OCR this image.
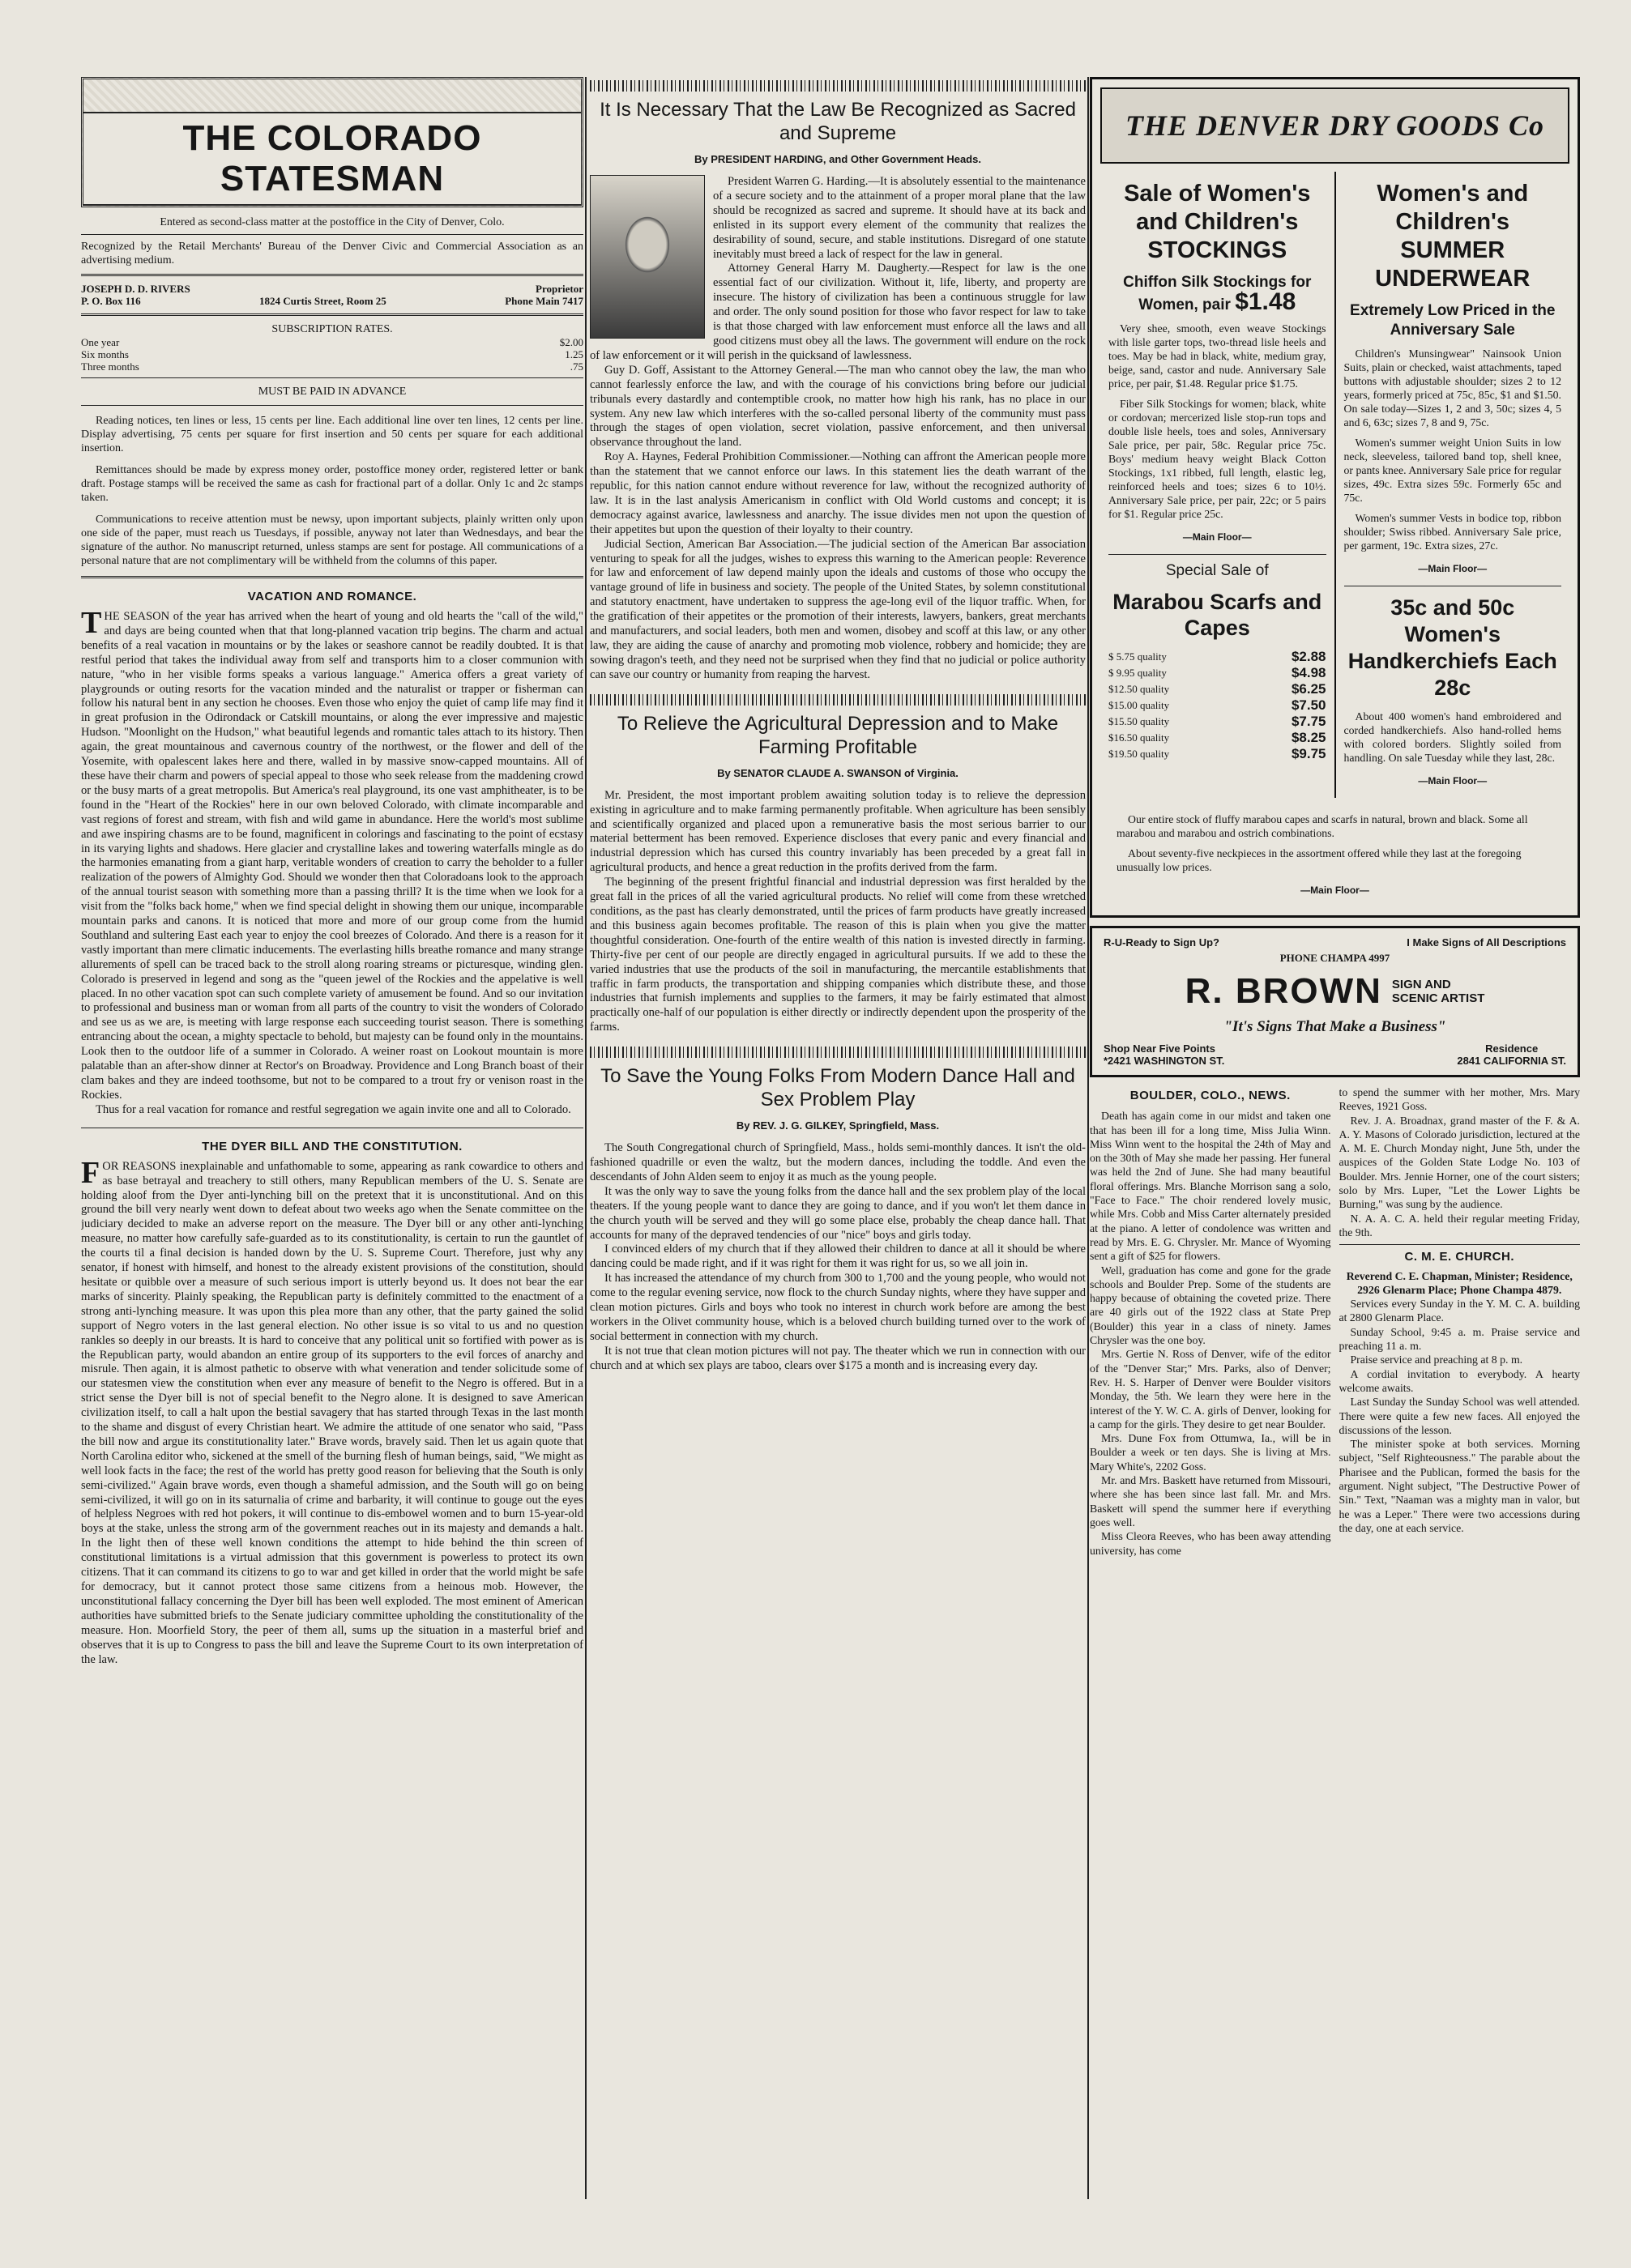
THE COLORADO STATESMAN
Entered as second-class matter at the postoffice in the City of Denver, Colo.
Recognized by the Retail Merchants' Bureau of the Denver Civic and Commercial Association as an advertising medium.
JOSEPH D. D. RIVERS	Proprietor
P. O. Box 116	1824 Curtis Street, Room 25	Phone Main 7417
SUBSCRIPTION RATES.
One year	$2.00
Six months	1.25
Three months	.75
MUST BE PAID IN ADVANCE
Reading notices, ten lines or less, 15 cents per line. Each additional line over ten lines, 12 cents per line. Display advertising, 75 cents per square for first insertion and 50 cents per square for each additional insertion.
Remittances should be made by express money order, postoffice money order, registered letter or bank draft. Postage stamps will be received the same as cash for fractional part of a dollar. Only 1c and 2c stamps taken.
Communications to receive attention must be newsy, upon important subjects, plainly written only upon one side of the paper, must reach us Tuesdays, if possible, anyway not later than Wednesdays, and bear the signature of the author. No manuscript returned, unless stamps are sent for postage. All communications of a personal nature that are not complimentary will be withheld from the columns of this paper.
VACATION AND ROMANCE.

THE SEASON of the year has arrived when the heart of young and old hearts the "call of the wild," and days are being counted when that that long-planned vacation trip begins. The charm and actual benefits of a real vacation in mountains or by the lakes or seashore cannot be readily doubted. It is that restful period that takes the individual away from self and transports him to a closer communion with nature, "who in her visible forms speaks a various language." America offers a great variety of playgrounds or outing resorts for the vacation minded and the naturalist or trapper or fisherman can follow his natural bent in any section he chooses. Even those who enjoy the quiet of camp life may find it in great profusion in the Odirondack or Catskill mountains, or along the ever impressive and majestic Hudson. "Moonlight on the Hudson," what beautiful legends and romantic tales attach to its history. Then again, the great mountainous and cavernous country of the northwest, or the flower and dell of the Yosemite, with opalescent lakes here and there, walled in by massive snow-capped mountains. All of these have their charm and powers of special appeal to those who seek release from the maddening crowd or the busy marts of a great metropolis. But America's real playground, its one vast amphitheater, is to be found in the "Heart of the Rockies" here in our own beloved Colorado, with climate incomparable and vast regions of forest and stream, with fish and wild game in abundance. Here the world's most sublime and awe inspiring chasms are to be found, magnificent in colorings and fascinating to the point of ecstasy in its varying lights and shadows. Here glacier and crystalline lakes and towering waterfalls mingle as do the harmonies emanating from a giant harp, veritable wonders of creation to carry the beholder to a fuller realization of the powers of Almighty God. Should we wonder then that Coloradoans look to the approach of the annual tourist season with something more than a passing thrill? It is the time when we look for a visit from the "folks back home," when we find special delight in showing them our unique, incomparable mountain parks and canons. It is noticed that more and more of our group come from the humid Southland and sultering East each year to enjoy the cool breezes of Colorado. And there is a reason for it vastly important than mere climatic inducements. The everlasting hills breathe romance and many strange allurements of spell can be traced back to the stroll along roaring streams or picturesque, winding glen. Colorado is preserved in legend and song as the "queen jewel of the Rockies and the appelative is well placed. In no other vacation spot can such complete variety of amusement be found. And so our invitation to professional and business man or woman from all parts of the country to visit the wonders of Colorado and see us as we are, is meeting with large response each succeeding tourist season. There is something entrancing about the ocean, a mighty spectacle to behold, but majesty can be found only in the mountains. Look then to the outdoor life of a summer in Colorado. A weiner roast on Lookout mountain is more palatable than an after-show dinner at Rector's on Broadway. Providence and Long Branch boast of their clam bakes and they are indeed toothsome, but not to be compared to a trout fry or venison roast in the Rockies.

Thus for a real vacation for romance and restful segregation we again invite one and all to Colorado.

THE DYER BILL AND THE CONSTITUTION.

FOR REASONS inexplainable and unfathomable to some, appearing as rank cowardice to others and as base betrayal and treachery to still others, many Republican members of the U. S. Senate are holding aloof from the Dyer anti-lynching bill on the pretext that it is unconstitutional. And on this ground the bill very nearly went down to defeat about two weeks ago when the Senate committee on the judiciary decided to make an adverse report on the measure. The Dyer bill or any other anti-lynching measure, no matter how carefully safe-guarded as to its constitutionality, is certain to run the gauntlet of the courts til a final decision is handed down by the U. S. Supreme Court. Therefore, just why any senator, if honest with himself, and honest to the already existent provisions of the constitution, should hesitate or quibble over a measure of such serious import is utterly beyond us. It does not bear the ear marks of sincerity. Plainly speaking, the Republican party is definitely committed to the enactment of a strong anti-lynching measure. It was upon this plea more than any other, that the party gained the solid support of Negro voters in the last general election. No other issue is so vital to us and no question rankles so deeply in our breasts. It is hard to conceive that any political unit so fortified with power as is the Republican party, would abandon an entire group of its supporters to the evil forces of anarchy and misrule. Then again, it is almost pathetic to observe with what veneration and tender solicitude some of our statesmen view the constitution when ever any measure of benefit to the Negro is offered. But in a strict sense the Dyer bill is not of special benefit to the Negro alone. It is designed to save American civilization itself, to call a halt upon the bestial savagery that has started through Texas in the last month to the shame and disgust of every Christian heart. We admire the attitude of one senator who said, "Pass the bill now and argue its constitutionality later." Brave words, bravely said. Then let us again quote that North Carolina editor who, sickened at the smell of the burning flesh of human beings, said, "We might as well look facts in the face; the rest of the world has pretty good reason for believing that the South is only semi-civilized." Again brave words, even though a shameful admission, and the South will go on being semi-civilized, it will go on in its saturnalia of crime and barbarity, it will continue to gouge out the eyes of helpless Negroes with red hot pokers, it will continue to dis-embowel women and to burn 15-year-old boys at the stake, unless the strong arm of the government reaches out in its majesty and demands a halt. In the light then of these well known conditions the attempt to hide behind the thin screen of constitutional limitations is a virtual admission that this government is powerless to protect its own citizens. That it can command its citizens to go to war and get killed in order that the world might be safe for democracy, but it cannot protect those same citizens from a heinous mob. However, the unconstitutional fallacy concerning the Dyer bill has been well exploded. The most eminent of American authorities have submitted briefs to the Senate judiciary committee upholding the constitutionality of the measure. Hon. Moorfield Story, the peer of them all, sums up the situation in a masterful brief and observes that it is up to Congress to pass the bill and leave the Supreme Court to its own interpretation of the law.

It Is Necessary That the Law Be Recognized as Sacred and Supreme
By PRESIDENT HARDING, and Other Government Heads.

President Warren G. Harding.—It is absolutely essential to the maintenance of a secure society and to the attainment of a proper moral plane that the law should be recognized as sacred and supreme. It should have at its back and enlisted in its support every element of the community that realizes the desirability of sound, secure, and stable institutions. Disregard of one statute inevitably must breed a lack of respect for the law in general.

Attorney General Harry M. Daugherty.—Respect for law is the one essential fact of our civilization. Without it, life, liberty, and property are insecure. The history of civilization has been a continuous struggle for law and order. The only sound position for those who favor respect for law to take is that those charged with law enforcement must enforce all the laws and all good citizens must obey all the laws. The government will endure on the rock of law enforcement or it will perish in the quicksand of lawlessness.

Guy D. Goff, Assistant to the Attorney General.—The man who cannot obey the law, the man who cannot fearlessly enforce the law, and with the courage of his convictions bring before our judicial tribunals every dastardly and contemptible crook, no matter how high his rank, has no place in our system. Any new law which interferes with the so-called personal liberty of the community must pass through the stages of open violation, secret violation, passive enforcement, and then universal observance throughout the land.

Roy A. Haynes, Federal Prohibition Commissioner.—Nothing can affront the American people more than the statement that we cannot enforce our laws. In this statement lies the death warrant of the republic, for this nation cannot endure without reverence for law, without the recognized authority of law. It is in the last analysis Americanism in conflict with Old World customs and concept; it is democracy against avarice, lawlessness and anarchy. The issue divides men not upon the question of their appetites but upon the question of their loyalty to their country.

Judicial Section, American Bar Association.—The judicial section of the American Bar association venturing to speak for all the judges, wishes to express this warning to the American people: Reverence for law and enforcement of law depend mainly upon the ideals and customs of those who occupy the vantage ground of life in business and society. The people of the United States, by solemn constitutional and statutory enactment, have undertaken to suppress the age-long evil of the liquor traffic. When, for the gratification of their appetites or the promotion of their interests, lawyers, bankers, great merchants and manufacturers, and social leaders, both men and women, disobey and scoff at this law, or any other law, they are aiding the cause of anarchy and promoting mob violence, robbery and homicide; they are sowing dragon's teeth, and they need not be surprised when they find that no judicial or police authority can save our country or humanity from reaping the harvest.

To Relieve the Agricultural Depression and to Make Farming Profitable
By SENATOR CLAUDE A. SWANSON of Virginia.

Mr. President, the most important problem awaiting solution today is to relieve the depression existing in agriculture and to make farming permanently profitable. When agriculture has been sensibly and scientifically organized and placed upon a remunerative basis the most serious barrier to our material betterment has been removed. Experience discloses that every panic and every financial and industrial depression which has cursed this country invariably has been preceded by a great fall in agricultural products, and hence a great reduction in the profits derived from the farm.

The beginning of the present frightful financial and industrial depression was first heralded by the great fall in the prices of all the varied agricultural products. No relief will come from these wretched conditions, as the past has clearly demonstrated, until the prices of farm products have greatly increased and this business again becomes profitable. The reason of this is plain when you give the matter thoughtful consideration. One-fourth of the entire wealth of this nation is invested directly in farming. Thirty-five per cent of our people are directly engaged in agricultural pursuits. If we add to these the varied industries that use the products of the soil in manufacturing, the mercantile establishments that traffic in farm products, the transportation and shipping companies which distribute these, and those industries that furnish implements and supplies to the farmers, it may be fairly estimated that almost practically one-half of our population is either directly or indirectly dependent upon the prosperity of the farms.

To Save the Young Folks From Modern Dance Hall and Sex Problem Play
By REV. J. G. GILKEY, Springfield, Mass.

The South Congregational church of Springfield, Mass., holds semi-monthly dances. It isn't the old-fashioned quadrille or even the waltz, but the modern dances, including the toddle. And even the descendants of John Alden seem to enjoy it as much as the young people.

It was the only way to save the young folks from the dance hall and the sex problem play of the local theaters. If the young people want to dance they are going to dance, and if you won't let them dance in the church youth will be served and they will go some place else, probably the cheap dance hall. That accounts for many of the depraved tendencies of our "nice" boys and girls today.

I convinced elders of my church that if they allowed their children to dance at all it should be where dancing could be made right, and if it was right for them it was right for us, so we all join in.

It has increased the attendance of my church from 300 to 1,700 and the young people, who would not come to the regular evening service, now flock to the church Sunday nights, where they have supper and clean motion pictures. Girls and boys who took no interest in church work before are among the best workers in the Olivet community house, which is a beloved church building turned over to the work of social betterment in connection with my church.

It is not true that clean motion pictures will not pay. The theater which we run in connection with our church and at which sex plays are taboo, clears over $175 a month and is increasing every day.

THE DENVER DRY GOODS Co
Sale of Women's and Children's STOCKINGS
Chiffon Silk Stockings for Women, pair $1.48

Very shee, smooth, even weave Stockings with lisle garter tops, two-thread lisle heels and toes. May be had in black, white, medium gray, beige, sand, castor and nude. Anniversary Sale price, per pair, $1.48. Regular price $1.75.

Fiber Silk Stockings for women; black, white or cordovan; mercerized lisle stop-run tops and double lisle heels, toes and soles, Anniversary Sale price, per pair, 58c. Regular price 75c. Boys' medium heavy weight Black Cotton Stockings, 1x1 ribbed, full length, elastic leg, reinforced heels and toes; sizes 6 to 10½. Anniversary Sale price, per pair, 22c; or 5 pairs for $1. Regular price 25c.

—Main Floor—
Special Sale of
Marabou Scarfs and Capes
$ 5.75 quality	$2.88
$ 9.95 quality	$4.98
$12.50 quality	$6.25
$15.00 quality	$7.50
$15.50 quality	$7.75
$16.50 quality	$8.25
$19.50 quality	$9.75
Women's and Children's SUMMER UNDERWEAR
Extremely Low Priced in the Anniversary Sale

Children's Munsingwear" Nainsook Union Suits, plain or checked, waist attachments, taped buttons with adjustable shoulder; sizes 2 to 12 years, formerly priced at 75c, 85c, $1 and $1.50. On sale today—Sizes 1, 2 and 3, 50c; sizes 4, 5 and 6, 63c; sizes 7, 8 and 9, 75c.

Women's summer weight Union Suits in low neck, sleeveless, tailored band top, shell knee, or pants knee. Anniversary Sale price for regular sizes, 49c. Extra sizes 59c. Formerly 65c and 75c.

Women's summer Vests in bodice top, ribbon shoulder; Swiss ribbed. Anniversary Sale price, per garment, 19c. Extra sizes, 27c.

—Main Floor—
35c and 50c Women's Handkerchiefs Each 28c

About 400 women's hand embroidered and corded handkerchiefs. Also hand-rolled hems with colored borders. Slightly soiled from handling. On sale Tuesday while they last, 28c.

—Main Floor—

Our entire stock of fluffy marabou capes and scarfs in natural, brown and black. Some all marabou and marabou and ostrich combinations.

About seventy-five neckpieces in the assortment offered while they last at the foregoing unusually low prices.

—Main Floor—
R-U-Ready to Sign Up?	I Make Signs of All Descriptions
PHONE CHAMPA 4997
R. BROWN SIGN AND
SCENIC ARTIST
"It's Signs That Make a Business"
Shop Near Five Points
*2421 WASHINGTON ST.
Residence
2841 CALIFORNIA ST.
BOULDER, COLO., NEWS.

Death has again come in our midst and taken one that has been ill for a long time, Miss Julia Winn. Miss Winn went to the hospital the 24th of May and on the 30th of May she made her passing. Her funeral was held the 2nd of June. She had many beautiful floral offerings. Mrs. Blanche Morrison sang a solo, "Face to Face." The choir rendered lovely music, while Mrs. Cobb and Miss Carter alternately presided at the piano. A letter of condolence was written and read by Mrs. E. G. Chrysler. Mr. Mance of Wyoming sent a gift of $25 for flowers.

Well, graduation has come and gone for the grade schools and Boulder Prep. Some of the students are happy because of obtaining the coveted prize. There are 40 girls out of the 1922 class at State Prep (Boulder) this year in a class of ninety. James Chrysler was the one boy.

Mrs. Gertie N. Ross of Denver, wife of the editor of the "Denver Star;" Mrs. Parks, also of Denver; Rev. H. S. Harper of Denver were Boulder visitors Monday, the 5th. We learn they were here in the interest of the Y. W. C. A. girls of Denver, looking for a camp for the girls. They desire to get near Boulder.

Mrs. Dune Fox from Ottumwa, Ia., will be in Boulder a week or ten days. She is living at Mrs. Mary White's, 2202 Goss.

Mr. and Mrs. Baskett have returned from Missouri, where she has been since last fall. Mr. and Mrs. Baskett will spend the summer here if everything goes well.

Miss Cleora Reeves, who has been away attending university, has come

to spend the summer with her mother, Mrs. Mary Reeves, 1921 Goss.

Rev. J. A. Broadnax, grand master of the F. & A. A. Y. Masons of Colorado jurisdiction, lectured at the A. M. E. Church Monday night, June 5th, under the auspices of the Golden State Lodge No. 103 of Boulder. Mrs. Jennie Horner, one of the court sisters; solo by Mrs. Luper, "Let the Lower Lights be Burning," was sung by the audience.

N. A. A. C. A. held their regular meeting Friday, the 9th.

C. M. E. CHURCH.

Reverend C. E. Chapman, Minister; Residence, 2926 Glenarm Place; Phone Champa 4879.

Services every Sunday in the Y. M. C. A. building at 2800 Glenarm Place.

Sunday School, 9:45 a. m. Praise service and preaching 11 a. m.

Praise service and preaching at 8 p. m.

A cordial invitation to everybody. A hearty welcome awaits.

Last Sunday the Sunday School was well attended. There were quite a few new faces. All enjoyed the discussions of the lesson.

The minister spoke at both services. Morning subject, "Self Righteousness." The parable about the Pharisee and the Publican, formed the basis for the argument. Night subject, "The Destructive Power of Sin." Text, "Naaman was a mighty man in valor, but he was a Leper." There were two accessions during the day, one at each service.
